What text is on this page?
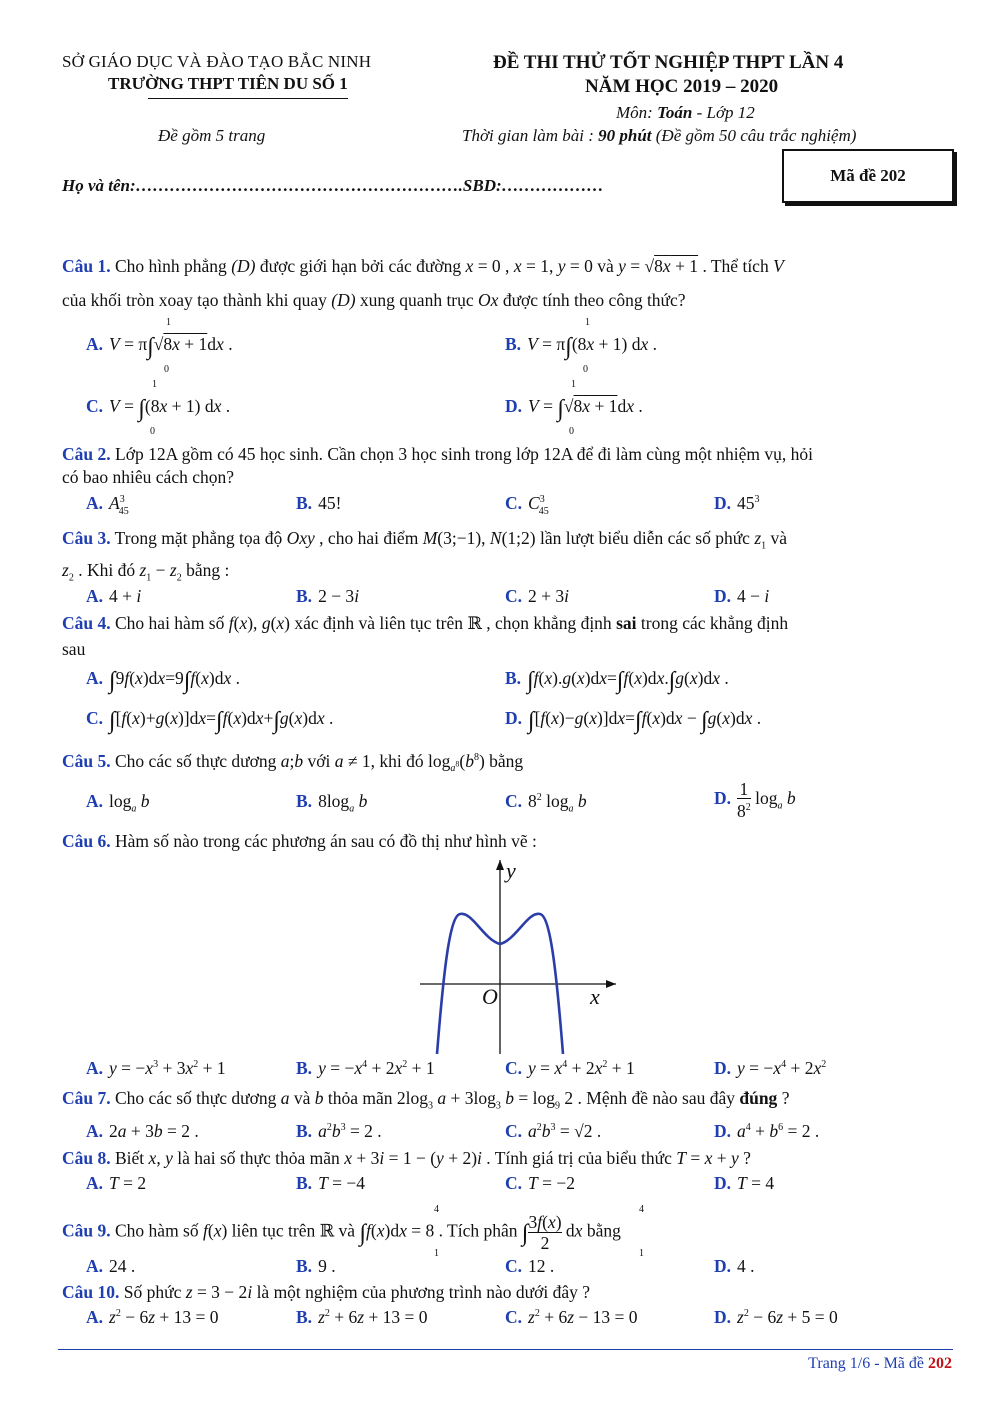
SỞ GIÁO DỤC VÀ ĐÀO TẠO BẮC NINH
TRƯỜNG THPT TIÊN DU SỐ 1
Đề gồm 5 trang
ĐỀ THI THỬ TỐT NGHIỆP THPT LẦN 4
NĂM HỌC 2019 – 2020
Môn: Toán - Lớp 12
Thời gian làm bài : 90 phút (Đề gồm 50 câu trắc nghiệm)
Mã đề 202
Họ và tên:………………………………………………….SBD:………………
Câu 1. Cho hình phẳng (D) được giới hạn bởi các đường x = 0 , x = 1, y = 0 và y = √8x + 1 . Thể tích V
của khối tròn xoay tạo thành khi quay (D) xung quanh trục Ox được tính theo công thức?
A. V = π∫√8x + 1dx .
1
0
B. V = π∫(8x + 1) dx .
1
0
C. V = ∫(8x + 1) dx .
1
0
D. V = ∫√8x + 1dx .
1
0
Câu 2. Lớp 12A gồm có 45 học sinh. Cần chọn 3 học sinh trong lớp 12A để đi làm cùng một nhiệm vụ, hỏi
có bao nhiêu cách chọn?
A. $A^3_{45}$	B. 45!	C. $C^3_{45}$	D. $45^3$
Câu 3. Trong mặt phẳng tọa độ Oxy , cho hai điểm M(3;−1), N(1;2) lần lượt biểu diễn các số phức $z_1$ và
$z_2$ . Khi đó $z_1 - z_2$ bằng :
A. 4 + i	B. 2 − 3i	C. 2 + 3i	D. 4 − i
Câu 4. Cho hai hàm số f(x), g(x) xác định và liên tục trên ℝ , chọn khẳng định sai trong các khẳng định
sau
A. ∫9f(x)dx=9∫f(x)dx .	B. ∫f(x).g(x)dx=∫f(x)dx.∫g(x)dx .
C. ∫[f(x)+g(x)]dx=∫f(x)dx+∫g(x)dx .	D. ∫[f(x)−g(x)]dx=∫f(x)dx − ∫g(x)dx .
Câu 5. Cho các số thực dương a;b với a ≠ 1, khi đó $\log_{a^8}(b^8)$ bằng
A. $\log_a b$	B. $8\log_a$ b	C. $8^2$ $\log_a b$	D. $\frac{1}{8^2} \log_a b$
Câu 6. Hàm số nào trong các phương án sau có đồ thị như hình vẽ :
y
x
O
A. $y = -x^3 + 3x^2 + 1$	B. $y = -x^4 + 2x^2 + 1$	C. $y = x^4 + 2x^2 + 1$	D. $y = -x^4 + 2x^2$
Câu 7. Cho các số thực dương a và b thỏa mãn $2\log_3$ $a + 3\log_3$ $b = \log_9 2$ . Mệnh đề nào sau đây đúng ?
A. 2a + 3b = 2 .	B. $a^2b^3 = 2$ .	C. $a^2b^3 = √2$ .	D. $a^4 + b^6 = 2$ .
Câu 8. Biết x, y là hai số thực thỏa mãn x + 3i = 1 − (y + 2)i . Tính giá trị của biểu thức T = x + y ?
A. T = 2	B. T = −4	C. T = −2	D. T = 4
Câu 9. Cho hàm số f(x) liên tục trên ℝ và ∫f(x)dx = 8 . Tích phân ∫ $\frac{3f(x)}{2}$ dx bằng
4
1
4
1
A. 24 .	B. 9 .	C. 12 .	D. 4 .
Câu 10. Số phức z = 3 − 2i là một nghiệm của phương trình nào dưới đây ?
A. $z^2 - 6z + 13 = 0$	B. $z^2 + 6z + 13 = 0$	C. $z^2 + 6z - 13 = 0$	D. $z^2 - 6z + 5 = 0$
Trang 1/6 - Mã đề 202
